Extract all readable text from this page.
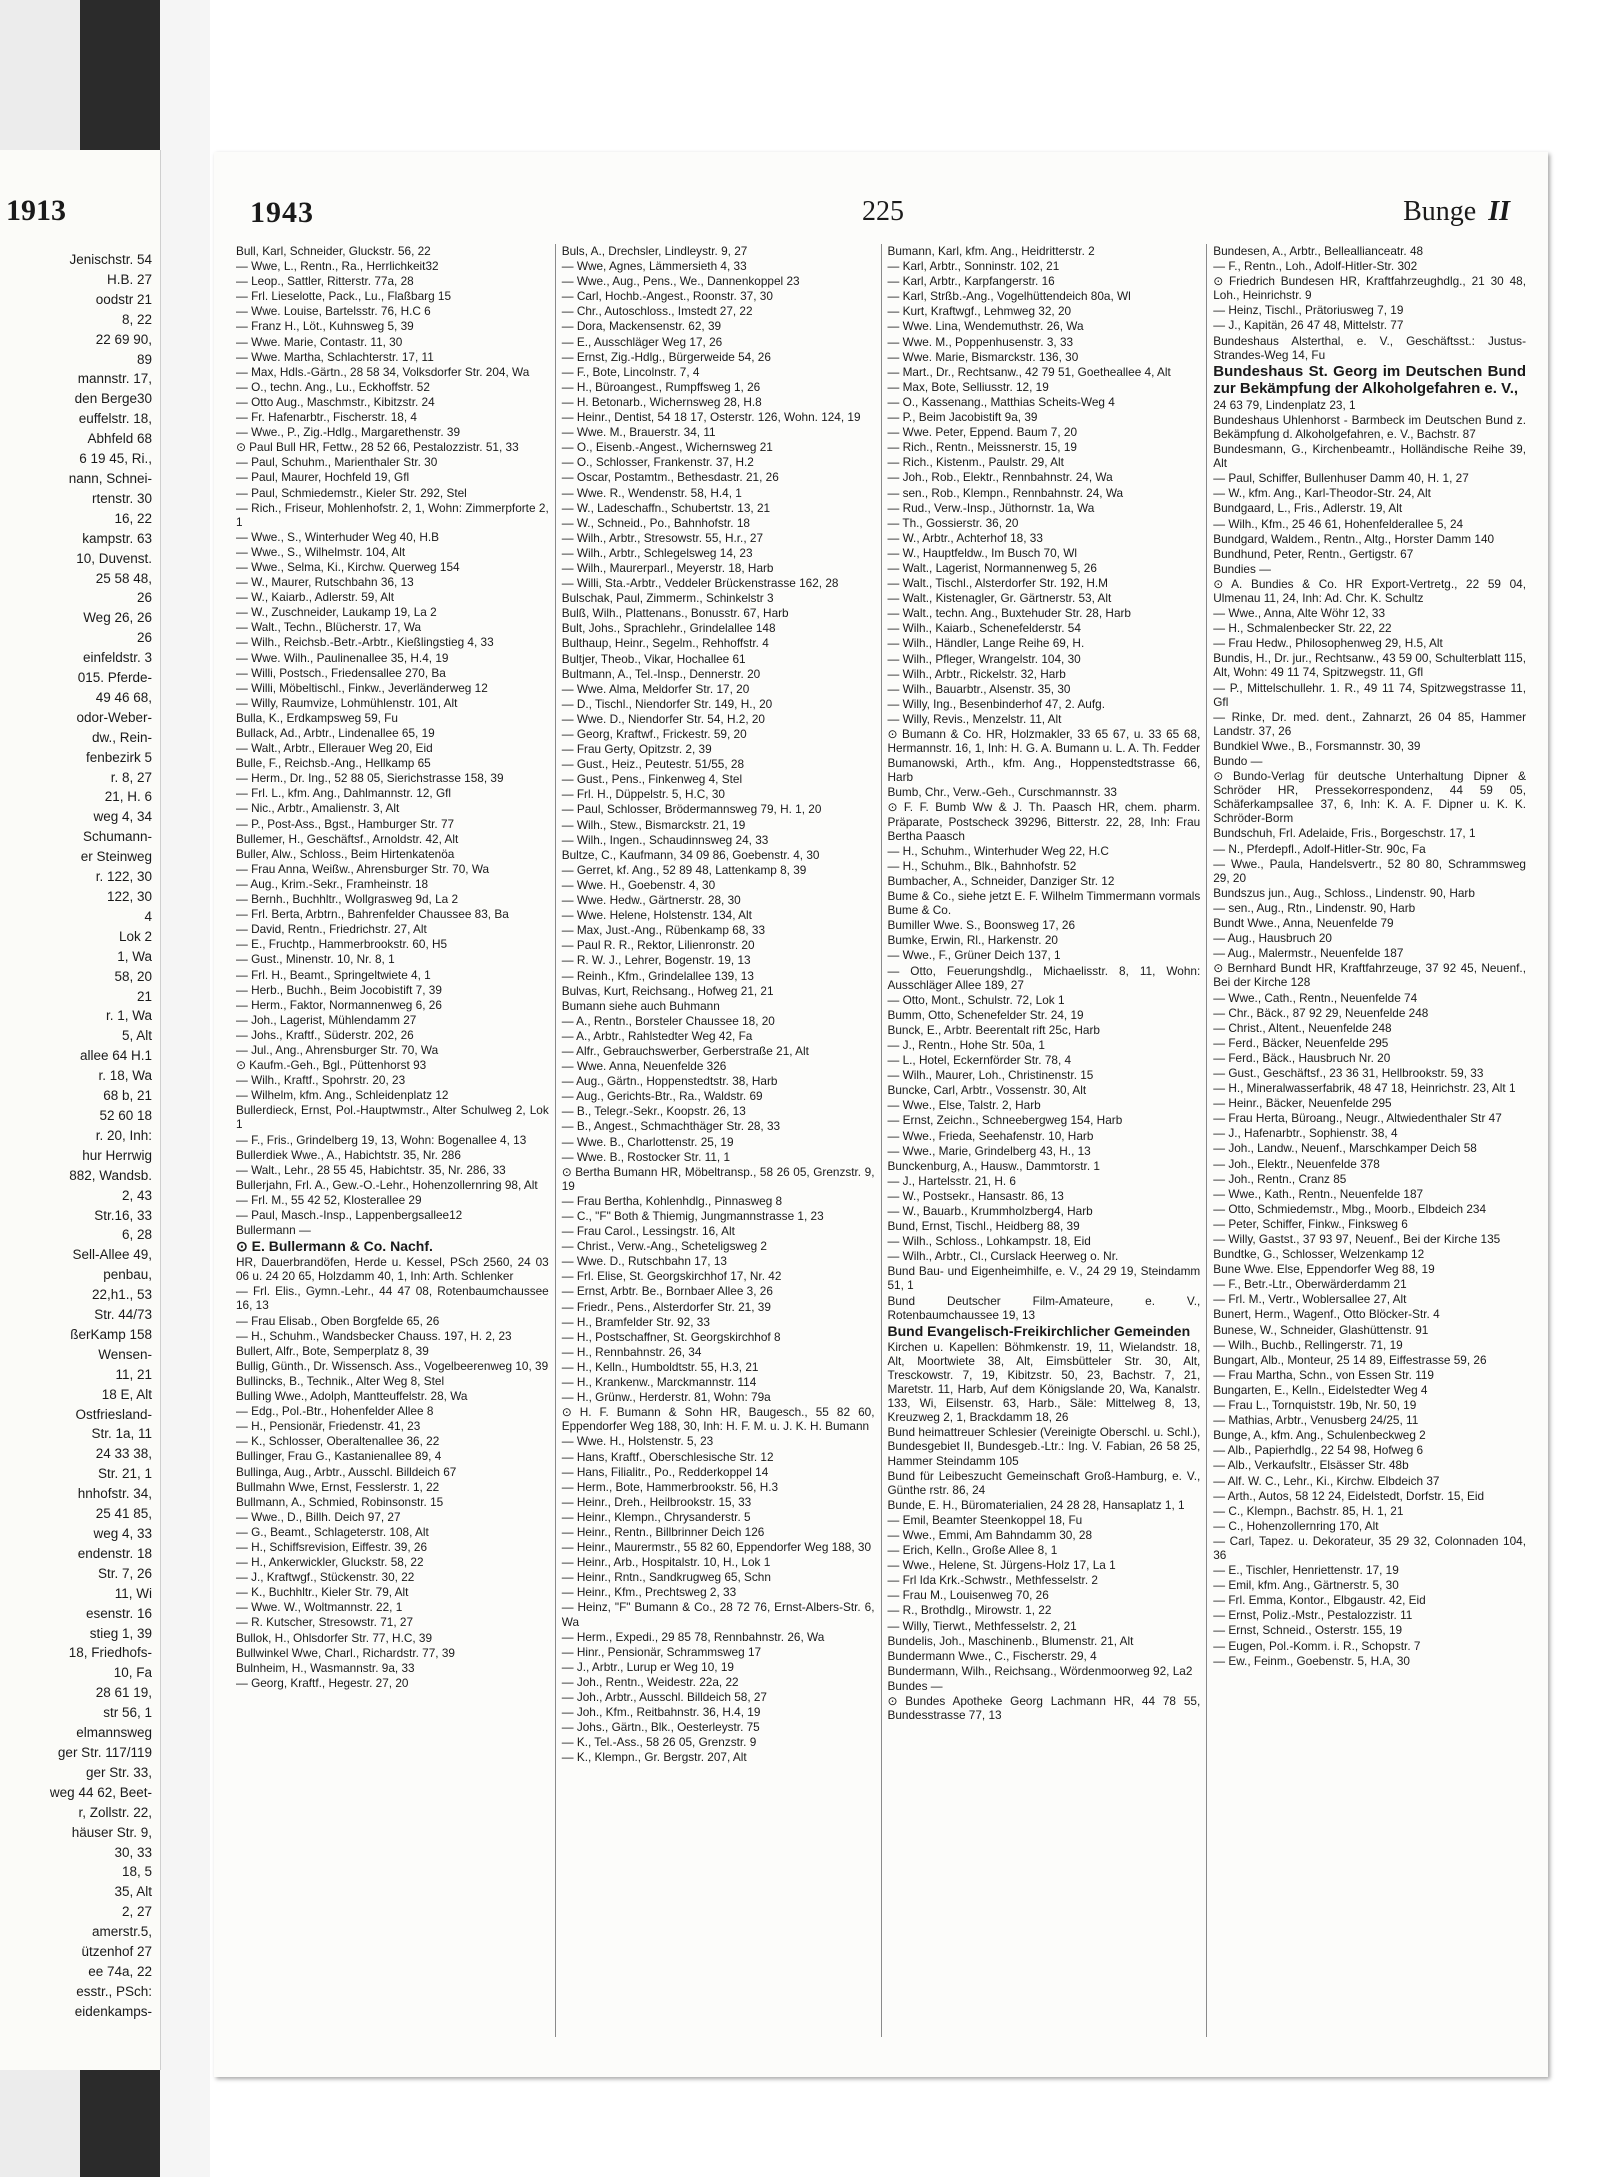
1913
Jenischstr. 54
H.B. 27
oodstr 21
8, 22
22 69 90,
89
mannstr. 17,
den Berge30
euffelstr. 18,
Abhfeld 68
6 19 45, Ri.,
nann, Schnei-
rtenstr. 30
16, 22
kampstr. 63
10, Duvenst.
25 58 48,
26
Weg 26, 26
26
einfeldstr. 3
015. Pferde-
49 46 68,
odor-Weber-
dw., Rein-
fenbezirk 5
r. 8, 27
21, H. 6
weg 4, 34
Schumann-
er Steinweg
r. 122, 30
122, 30
4
Lok 2
1, Wa
58, 20
21
r. 1, Wa
5, Alt
allee 64 H.1
r. 18, Wa
68 b, 21
52 60 18
r. 20, Inh:
hur Herrwig
882, Wandsb.
2, 43
Str.16, 33
6, 28
Sell-Allee 49,
penbau,
22,h1., 53
Str. 44/73
ßerKamp 158
Wensen-
11, 21
18 E, Alt
Ostfriesland-
Str. 1a, 11
24 33 38,
Str. 21, 1
hnhofstr. 34,
25 41 85,
weg 4, 33
endenstr. 18
Str. 7, 26
11, Wi
esenstr. 16
stieg 1, 39
18, Friedhofs-
10, Fa
28 61 19,
str 56, 1
elmannsweg
ger Str. 117/119
ger Str. 33,
weg 44 62, Beet-
r, Zollstr. 22,
häuser Str. 9,
30, 33
18, 5
35, Alt
2, 27
amerstr.5,
ützenhof 27
ee 74a, 22
esstr., PSch:
eidenkamps-
1943	225	Bunge II

Bull, Karl, Schneider, Gluckstr. 56, 22

— Wwe, L., Rentn., Ra., Herrlichkeit32

— Leop., Sattler, Ritterstr. 77a, 28

— Frl. Lieselotte, Pack., Lu., Flaßbarg 15

— Wwe. Louise, Bartelsstr. 76, H.C 6

— Franz H., Löt., Kuhnsweg 5, 39

— Wwe. Marie, Contastr. 11, 30

— Wwe. Martha, Schlachterstr. 17, 11

— Max, Hdls.-Gärtn., 28 58 34, Volksdorfer Str. 204, Wa

— O., techn. Ang., Lu., Eckhoffstr. 52

— Otto Aug., Maschmstr., Kibitzstr. 24

— Fr. Hafenarbtr., Fischerstr. 18, 4

— Wwe., P., Zig.-Hdlg., Margarethenstr. 39

⊙ Paul Bull HR, Fettw., 28 52 66, Pestalozzistr. 51, 33

— Paul, Schuhm., Marienthaler Str. 30

— Paul, Maurer, Hochfeld 19, Gfl

— Paul, Schmiedemstr., Kieler Str. 292, Stel

— Rich., Friseur, Mohlenhofstr. 2, 1, Wohn: Zimmerpforte 2, 1

— Wwe., S., Winterhuder Weg 40, H.B

— Wwe., S., Wilhelmstr. 104, Alt

— Wwe., Selma, Ki., Kirchw. Querweg 154

— W., Maurer, Rutschbahn 36, 13

— W., Kaiarb., Adlerstr. 59, Alt

— W., Zuschneider, Laukamp 19, La 2

— Walt., Techn., Blücherstr. 17, Wa

— Wilh., Reichsb.-Betr.-Arbtr., Kießlingstieg 4, 33

— Wwe. Wilh., Paulinenallee 35, H.4, 19

— Willi, Postsch., Friedensallee 270, Ba

— Willi, Möbeltischl., Finkw., Jeverländerweg 12

— Willy, Raumvize, Lohmühlenstr. 101, Alt

Bulla, K., Erdkampsweg 59, Fu

Bullack, Ad., Arbtr., Lindenallee 65, 19

— Walt., Arbtr., Ellerauer Weg 20, Eid

Bulle, F., Reichsb.-Ang., Hellkamp 65

— Herm., Dr. Ing., 52 88 05, Sierichstrasse 158, 39

— Frl. L., kfm. Ang., Dahlmannstr. 12, Gfl

— Nic., Arbtr., Amalienstr. 3, Alt

— P., Post-Ass., Bgst., Hamburger Str. 77

Bullemer, H., Geschäftsf., Arnoldstr. 42, Alt

Buller, Alw., Schloss., Beim Hirtenkatenöa

— Frau Anna, Weißw., Ahrensburger Str. 70, Wa

— Aug., Krim.-Sekr., Framheinstr. 18

— Bernh., Buchhltr., Wollgrasweg 9d, La 2

— Frl. Berta, Arbtrn., Bahrenfelder Chaussee 83, Ba

— David, Rentn., Friedrichstr. 27, Alt

— E., Fruchtp., Hammerbrookstr. 60, H5

— Gust., Minenstr. 10, Nr. 8, 1

— Frl. H., Beamt., Springeltwiete 4, 1

— Herb., Buchh., Beim Jocobistift 7, 39

— Herm., Faktor, Normannenweg 6, 26

— Joh., Lagerist, Mühlendamm 27

— Johs., Kraftf., Süderstr. 202, 26

— Jul., Ang., Ahrensburger Str. 70, Wa

⊙ Kaufm.-Geh., Bgl., Püttenhorst 93

— Wilh., Kraftf., Spohrstr. 20, 23

— Wilhelm, kfm. Ang., Schleidenplatz 12

Bullerdieck, Ernst, Pol.-Hauptwmstr., Alter Schulweg 2, Lok 1

— F., Fris., Grindelberg 19, 13, Wohn: Bogenallee 4, 13

Bullerdiek Wwe., A., Habichtstr. 35, Nr. 286

— Walt., Lehr., 28 55 45, Habichtstr. 35, Nr. 286, 33

Bullerjahn, Frl. A., Gew.-O.-Lehr., Hohenzollernring 98, Alt

— Frl. M., 55 42 52, Klosterallee 29

— Paul, Masch.-Insp., Lappenbergsallee12

Bullermann —

⊙ E. Bullermann & Co. Nachf.

HR, Dauerbrandöfen, Herde u. Kessel, PSch 2560, 24 03 06 u. 24 20 65, Holzdamm 40, 1, Inh: Arth. Schlenker

— Frl. Elis., Gymn.-Lehr., 44 47 08, Rotenbaumchaussee 16, 13

— Frau Elisab., Oben Borgfelde 65, 26

— H., Schuhm., Wandsbecker Chauss. 197, H. 2, 23

Bullert, Alfr., Bote, Semperplatz 8, 39

Bullig, Günth., Dr. Wissensch. Ass., Vogelbeerenweg 10, 39

Bullincks, B., Technik., Alter Weg 8, Stel

Bulling Wwe., Adolph, Mantteuffelstr. 28, Wa

— Edg., Pol.-Btr., Hohenfelder Allee 8

— H., Pensionär, Friedenstr. 41, 23

— K., Schlosser, Oberaltenallee 36, 22

Bullinger, Frau G., Kastanienallee 89, 4

Bullinga, Aug., Arbtr., Ausschl. Billdeich 67

Bullmahn Wwe, Ernst, Fesslerstr. 1, 22

Bullmann, A., Schmied, Robinsonstr. 15

— Wwe., D., Billh. Deich 97, 27

— G., Beamt., Schlageterstr. 108, Alt

— H., Schiffsrevision, Eiffestr. 39, 26

— H., Ankerwickler, Gluckstr. 58, 22

— J., Kraftwgf., Stückenstr. 30, 22

— K., Buchhltr., Kieler Str. 79, Alt

— Wwe. W., Woltmannstr. 22, 1

— R. Kutscher, Stresowstr. 71, 27

Bullok, H., Ohlsdorfer Str. 77, H.C, 39

Bullwinkel Wwe, Charl., Richardstr. 77, 39

Bulnheim, H., Wasmannstr. 9a, 33

— Georg, Kraftf., Hegestr. 27, 20

Buls, A., Drechsler, Lindleystr. 9, 27

— Wwe, Agnes, Lämmersieth 4, 33

— Wwe., Aug., Pens., We., Dannenkoppel 23

— Carl, Hochb.-Angest., Roonstr. 37, 30

— Chr., Autoschloss., Imstedt 27, 22

— Dora, Mackensenstr. 62, 39

— E., Ausschläger Weg 17, 26

— Ernst, Zig.-Hdlg., Bürgerweide 54, 26

— F., Bote, Lincolnstr. 7, 4

— H., Büroangest., Rumpffsweg 1, 26

— H. Betonarb., Wichernsweg 28, H.8

— Heinr., Dentist, 54 18 17, Osterstr. 126, Wohn. 124, 19

— Wwe. M., Brauerstr. 34, 11

— O., Eisenb.-Angest., Wichernsweg 21

— O., Schlosser, Frankenstr. 37, H.2

— Oscar, Postamtm., Bethesdastr. 21, 26

— Wwe. R., Wendenstr. 58, H.4, 1

— W., Ladeschaffn., Schubertstr. 13, 21

— W., Schneid., Po., Bahnhofstr. 18

— Wilh., Arbtr., Stresowstr. 55, H.r., 27

— Wilh., Arbtr., Schlegelsweg 14, 23

— Wilh., Maurerparl., Meyerstr. 18, Harb

— Willi, Sta.-Arbtr., Veddeler Brückenstrasse 162, 28

Bulschak, Paul, Zimmerm., Schinkelstr 3

Bulß, Wilh., Plattenans., Bonusstr. 67, Harb

Bult, Johs., Sprachlehr., Grindelallee 148

Bulthaup, Heinr., Segelm., Rehhoffstr. 4

Bultjer, Theob., Vikar, Hochallee 61

Bultmann, A., Tel.-Insp., Dennerstr. 20

— Wwe. Alma, Meldorfer Str. 17, 20

— D., Tischl., Niendorfer Str. 149, H., 20

— Wwe. D., Niendorfer Str. 54, H.2, 20

— Georg, Kraftwf., Frickestr. 59, 20

— Frau Gerty, Opitzstr. 2, 39

— Gust., Heiz., Peutestr. 51/55, 28

— Gust., Pens., Finkenweg 4, Stel

— Frl. H., Düppelstr. 5, H.C, 30

— Paul, Schlosser, Brödermannsweg 79, H. 1, 20

— Wilh., Stew., Bismarckstr. 21, 19

— Wilh., Ingen., Schaudinnsweg 24, 33

Bultze, C., Kaufmann, 34 09 86, Goebenstr. 4, 30

— Gerret, kf. Ang., 52 89 48, Lattenkamp 8, 39

— Wwe. H., Goebenstr. 4, 30

— Wwe. Hedw., Gärtnerstr. 28, 30

— Wwe. Helene, Holstenstr. 134, Alt

— Max, Just.-Ang., Rübenkamp 68, 33

— Paul R. R., Rektor, Lilienronstr. 20

— R. W. J., Lehrer, Bogenstr. 19, 13

— Reinh., Kfm., Grindelallee 139, 13

Bulvas, Kurt, Reichsang., Hofweg 21, 21

Bumann siehe auch Buhmann

— A., Rentn., Borsteler Chaussee 18, 20

— A., Arbtr., Rahlstedter Weg 42, Fa

— Alfr., Gebrauchswerber, Gerberstraße 21, Alt

— Wwe. Anna, Neuenfelde 326

— Aug., Gärtn., Hoppenstedtstr. 38, Harb

— Aug., Gerichts-Btr., Ra., Waldstr. 69

— B., Telegr.-Sekr., Koopstr. 26, 13

— B., Angest., Schmachthäger Str. 28, 33

— Wwe. B., Charlottenstr. 25, 19

— Wwe. B., Rostocker Str. 11, 1

⊙ Bertha Bumann HR, Möbeltransp., 58 26 05, Grenzstr. 9, 19

— Frau Bertha, Kohlenhdlg., Pinnasweg 8

— C., "F" Both & Thiemig, Jungmannstrasse 1, 23

— Frau Carol., Lessingstr. 16, Alt

— Christ., Verw.-Ang., Scheteligsweg 2

— Wwe. D., Rutschbahn 17, 13

— Frl. Elise, St. Georgskirchhof 17, Nr. 42

— Ernst, Arbtr. Be., Bornbaer Allee 3, 26

— Friedr., Pens., Alsterdorfer Str. 21, 39

— H., Bramfelder Str. 92, 33

— H., Postschaffner, St. Georgskirchhof 8

— H., Rennbahnstr. 26, 34

— H., Kelln., Humboldtstr. 55, H.3, 21

— H., Krankenw., Marckmannstr. 114

— H., Grünw., Herderstr. 81, Wohn: 79a

⊙ H. F. Bumann & Sohn HR, Baugesch., 55 82 60, Eppendorfer Weg 188, 30, Inh: H. F. M. u. J. K. H. Bumann

— Wwe. H., Holstenstr. 5, 23

— Hans, Kraftf., Oberschlesische Str. 12

— Hans, Filialitr., Po., Redderkoppel 14

— Herm., Bote, Hammerbrookstr. 56, H.3

— Heinr., Dreh., Heilbrookstr. 15, 33

— Heinr., Klempn., Chrysanderstr. 5

— Heinr., Rentn., Billbrinner Deich 126

— Heinr., Maurermstr., 55 82 60, Eppendorfer Weg 188, 30

— Heinr., Arb., Hospitalstr. 10, H., Lok 1

— Heinr., Rntn., Sandkrugweg 65, Schn

— Heinr., Kfm., Prechtsweg 2, 33

— Heinz, "F" Bumann & Co., 28 72 76, Ernst-Albers-Str. 6, Wa

— Herm., Expedi., 29 85 78, Rennbahnstr. 26, Wa

— Hinr., Pensionär, Schrammsweg 17

— J., Arbtr., Lurup er Weg 10, 19

— Joh., Rentn., Weidestr. 22a, 22

— Joh., Arbtr., Ausschl. Billdeich 58, 27

— Joh., Kfm., Reitbahnstr. 36, H.4, 19

— Johs., Gärtn., Blk., Oesterleystr. 75

— K., Tel.-Ass., 58 26 05, Grenzstr. 9

— K., Klempn., Gr. Bergstr. 207, Alt

Bumann, Karl, kfm. Ang., Heidritterstr. 2

— Karl, Arbtr., Sonninstr. 102, 21

— Karl, Arbtr., Karpfangerstr. 16

— Karl, Strßb.-Ang., Vogelhüttendeich 80a, Wl

— Kurt, Kraftwgf., Lehmweg 32, 20

— Wwe. Lina, Wendemuthstr. 26, Wa

— Wwe. M., Poppenhusenstr. 3, 33

— Wwe. Marie, Bismarckstr. 136, 30

— Mart., Dr., Rechtsanw., 42 79 51, Goetheallee 4, Alt

— Max, Bote, Selliusstr. 12, 19

— O., Kassenang., Matthias Scheits-Weg 4

— P., Beim Jacobistift 9a, 39

— Wwe. Peter, Eppend. Baum 7, 20

— Rich., Rentn., Meissnerstr. 15, 19

— Rich., Kistenm., Paulstr. 29, Alt

— Joh., Rob., Elektr., Rennbahnstr. 24, Wa

— sen., Rob., Klempn., Rennbahnstr. 24, Wa

— Rud., Verw.-Insp., Jüthornstr. 1a, Wa

— Th., Gossierstr. 36, 20

— W., Arbtr., Achterhof 18, 33

— W., Hauptfeldw., Im Busch 70, Wl

— Walt., Lagerist, Normannenweg 5, 26

— Walt., Tischl., Alsterdorfer Str. 192, H.M

— Walt., Kistenagler, Gr. Gärtnerstr. 53, Alt

— Walt., techn. Ang., Buxtehuder Str. 28, Harb

— Wilh., Kaiarb., Schenefelderstr. 54

— Wilh., Händler, Lange Reihe 69, H.

— Wilh., Pfleger, Wrangelstr. 104, 30

— Wilh., Arbtr., Rickelstr. 32, Harb

— Wilh., Bauarbtr., Alsenstr. 35, 30

— Willy, Ing., Besenbinderhof 47, 2. Aufg.

— Willy, Revis., Menzelstr. 11, Alt

⊙ Bumann & Co. HR, Holzmakler, 33 65 67, u. 33 65 68, Hermannstr. 16, 1, Inh: H. G. A. Bumann u. L. A. Th. Fedder

Bumanowski, Arth., kfm. Ang., Hoppenstedtstrasse 66, Harb

Bumb, Chr., Verw.-Geh., Curschmannstr. 33

⊙ F. F. Bumb Ww & J. Th. Paasch HR, chem. pharm. Präparate, Postscheck 39296, Bitterstr. 22, 28, Inh: Frau Bertha Paasch

— H., Schuhm., Winterhuder Weg 22, H.C

— H., Schuhm., Blk., Bahnhofstr. 52

Bumbacher, A., Schneider, Danziger Str. 12

Bume & Co., siehe jetzt E. F. Wilhelm Timmermann vormals Bume & Co.

Bumiller Wwe. S., Boonsweg 17, 26

Bumke, Erwin, Rl., Harkenstr. 20

— Wwe., F., Grüner Deich 137, 1

— Otto, Feuerungshdlg., Michaelisstr. 8, 11, Wohn: Ausschläger Allee 189, 27

— Otto, Mont., Schulstr. 72, Lok 1

Bumm, Otto, Schenefelder Str. 24, 19

Bunck, E., Arbtr. Beerentalt rift 25c, Harb

— J., Rentn., Hohe Str. 50a, 1

— L., Hotel, Eckernförder Str. 78, 4

— Wilh., Maurer, Loh., Christinenstr. 15

Buncke, Carl, Arbtr., Vossenstr. 30, Alt

— Wwe., Else, Talstr. 2, Harb

— Ernst, Zeichn., Schneebergweg 154, Harb

— Wwe., Frieda, Seehafenstr. 10, Harb

— Wwe., Marie, Grindelberg 43, H., 13

Bunckenburg, A., Hausw., Dammtorstr. 1

— J., Hartelsstr. 21, H. 6

— W., Postsekr., Hansastr. 86, 13

— W., Bauarb., Krummholzberg4, Harb

Bund, Ernst, Tischl., Heidberg 88, 39

— Wilh., Schloss., Lohkampstr. 18, Eid

— Wilh., Arbtr., Cl., Curslack Heerweg o. Nr.

Bund Bau- und Eigenheimhilfe, e. V., 24 29 19, Steindamm 51, 1

Bund Deutscher Film-Amateure, e. V., Rotenbaumchaussee 19, 13

Bund Evangelisch-Freikirchlicher Gemeinden

Kirchen u. Kapellen: Böhmkenstr. 19, 11, Wielandstr. 18, Alt, Moortwiete 38, Alt, Eimsbütteler Str. 30, Alt, Tresckowstr. 7, 19, Kibitzstr. 50, 23, Bachstr. 7, 21, Maretstr. 11, Harb, Auf dem Königslande 20, Wa, Kanalstr. 133, Wi, Eilsenstr. 63, Harb., Säle: Mittelweg 8, 13, Kreuzweg 2, 1, Brackdamm 18, 26

Bund heimattreuer Schlesier (Vereinigte Oberschl. u. Schl.), Bundesgebiet II, Bundesgeb.-Ltr.: Ing. V. Fabian, 26 58 25, Hammer Steindamm 105

Bund für Leibeszucht Gemeinschaft Groß-Hamburg, e. V., Günthe rstr. 86, 24

Bunde, E. H., Büromaterialien, 24 28 28, Hansaplatz 1, 1

— Emil, Beamter Steenkoppel 18, Fu

— Wwe., Emmi, Am Bahndamm 30, 28

— Erich, Kelln., Große Allee 8, 1

— Wwe., Helene, St. Jürgens-Holz 17, La 1

— Frl Ida Krk.-Schwstr., Methfesselstr. 2

— Frau M., Louisenweg 70, 26

— R., Brothdlg., Mirowstr. 1, 22

— Willy, Tierwt., Methfesselstr. 2, 21

Bundelis, Joh., Maschinenb., Blumenstr. 21, Alt

Bundermann Wwe., C., Fischerstr. 29, 4

Bundermann, Wilh., Reichsang., Wördenmoorweg 92, La2

Bundes —

⊙ Bundes Apotheke Georg Lachmann HR, 44 78 55, Bundesstrasse 77, 13

Bundesen, A., Arbtr., Belleallianceatr. 48

— F., Rentn., Loh., Adolf-Hitler-Str. 302

⊙ Friedrich Bundesen HR, Kraftfahrzeughdlg., 21 30 48, Loh., Heinrichstr. 9

— Heinz, Tischl., Prätoriusweg 7, 19

— J., Kapitän, 26 47 48, Mittelstr. 77

Bundeshaus Alsterthal, e. V., Geschäftsst.: Justus-Strandes-Weg 14, Fu

Bundeshaus St. Georg im Deutschen Bund zur Bekämpfung der Alkoholgefahren e. V.,

24 63 79, Lindenplatz 23, 1

Bundeshaus Uhlenhorst - Barmbeck im Deutschen Bund z. Bekämpfung d. Alkoholgefahren, e. V., Bachstr. 87

Bundesmann, G., Kirchenbeamtr., Holländische Reihe 39, Alt

— Paul, Schiffer, Bullenhuser Damm 40, H. 1, 27

— W., kfm. Ang., Karl-Theodor-Str. 24, Alt

Bundgaard, L., Fris., Adlerstr. 19, Alt

— Wilh., Kfm., 25 46 61, Hohenfelderallee 5, 24

Bundgard, Waldem., Rentn., Altg., Horster Damm 140

Bundhund, Peter, Rentn., Gertigstr. 67

Bundies —

⊙ A. Bundies & Co. HR Export-Vertretg., 22 59 04, Ulmenau 11, 24, Inh: Ad. Chr. K. Schultz

— Wwe., Anna, Alte Wöhr 12, 33

— H., Schmalenbecker Str. 22, 22

— Frau Hedw., Philosophenweg 29, H.5, Alt

Bundis, H., Dr. jur., Rechtsanw., 43 59 00, Schulterblatt 115, Alt, Wohn: 49 11 74, Spitzwegstr. 11, Gfl

— P., Mittelschullehr. 1. R., 49 11 74, Spitzwegstrasse 11, Gfl

— Rinke, Dr. med. dent., Zahnarzt, 26 04 85, Hammer Landstr. 37, 26

Bundkiel Wwe., B., Forsmannstr. 30, 39

Bundo —

⊙ Bundo-Verlag für deutsche Unterhaltung Dipner & Schröder HR, Pressekorrespondenz, 44 59 05, Schäferkampsallee 37, 6, Inh: K. A. F. Dipner u. K. K. Schröder-Borm

Bundschuh, Frl. Adelaide, Fris., Borgeschstr. 17, 1

— N., Pferdepfl., Adolf-Hitler-Str. 90c, Fa

— Wwe., Paula, Handelsvertr., 52 80 80, Schrammsweg 29, 20

Bundszus jun., Aug., Schloss., Lindenstr. 90, Harb

— sen., Aug., Rtn., Lindenstr. 90, Harb

Bundt Wwe., Anna, Neuenfelde 79

— Aug., Hausbruch 20

— Aug., Malermstr., Neuenfelde 187

⊙ Bernhard Bundt HR, Kraftfahrzeuge, 37 92 45, Neuenf., Bei der Kirche 128

— Wwe., Cath., Rentn., Neuenfelde 74

— Chr., Bäck., 87 92 29, Neuenfelde 248

— Christ., Altent., Neuenfelde 248

— Ferd., Bäcker, Neuenfelde 295

— Ferd., Bäck., Hausbruch Nr. 20

— Gust., Geschäftsf., 23 36 31, Hellbrookstr. 59, 33

— H., Mineralwasserfabrik, 48 47 18, Heinrichstr. 23, Alt 1

— Heinr., Bäcker, Neuenfelde 295

— Frau Herta, Büroang., Neugr., Altwiedenthaler Str 47

— J., Hafenarbtr., Sophienstr. 38, 4

— Joh., Landw., Neuenf., Marschkamper Deich 58

— Joh., Elektr., Neuenfelde 378

— Joh., Rentn., Cranz 85

— Wwe., Kath., Rentn., Neuenfelde 187

— Otto, Schmiedemstr., Mbg., Moorb., Elbdeich 234

— Peter, Schiffer, Finkw., Finksweg 6

— Willy, Gastst., 37 93 97, Neuenf., Bei der Kirche 135

Bundtke, G., Schlosser, Welzenkamp 12

Bune Wwe. Else, Eppendorfer Weg 88, 19

— F., Betr.-Ltr., Oberwärderdamm 21

— Frl. M., Vertr., Woblersallee 27, Alt

Bunert, Herm., Wagenf., Otto Blöcker-Str. 4

Bunese, W., Schneider, Glashüttenstr. 91

— Wilh., Buchb., Rellingerstr. 71, 19

Bungart, Alb., Monteur, 25 14 89, Eiffestrasse 59, 26

— Frau Martha, Schn., von Essen Str. 119

Bungarten, E., Kelln., Eidelstedter Weg 4

— Frau L., Tornquiststr. 19b, Nr. 50, 19

— Mathias, Arbtr., Venusberg 24/25, 11

Bunge, A., kfm. Ang., Schulenbeckweg 2

— Alb., Papierhdlg., 22 54 98, Hofweg 6

— Alb., Verkaufsltr., Elsässer Str. 48b

— Alf. W. C., Lehr., Ki., Kirchw. Elbdeich 37

— Arth., Autos, 58 12 24, Eidelstedt, Dorfstr. 15, Eid

— C., Klempn., Bachstr. 85, H. 1, 21

— C., Hohenzollernring 170, Alt

— Carl, Tapez. u. Dekorateur, 35 29 32, Colonnaden 104, 36

— E., Tischler, Henriettenstr. 17, 19

— Emil, kfm. Ang., Gärtnerstr. 5, 30

— Frl. Emma, Kontor., Elbgaustr. 42, Eid

— Ernst, Poliz.-Mstr., Pestalozzistr. 11

— Ernst, Schneid., Osterstr. 155, 19

— Eugen, Pol.-Komm. i. R., Schopstr. 7

— Ew., Feinm., Goebenstr. 5, H.A, 30
